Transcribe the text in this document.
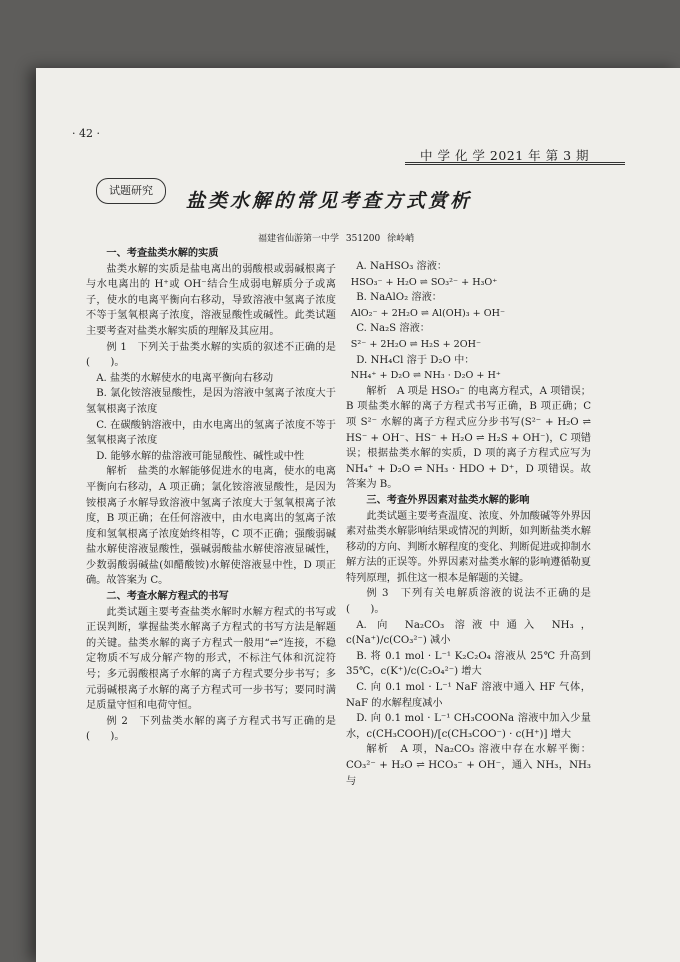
· 42 ·
中 学 化 学 2021 年 第 3 期
试题研究	盐类水解的常见考查方式赏析
福建省仙游第一中学 351200 徐岭峭

一、考查盐类水解的实质

盐类水解的实质是盐电离出的弱酸根或弱碱根离子与水电离出的 H⁺或 OH⁻结合生成弱电解质分子或离子，使水的电离平衡向右移动，导致溶液中氢离子浓度不等于氢氧根离子浓度，溶液显酸性或碱性。此类试题主要考查对盐类水解实质的理解及其应用。

例 1　下列关于盐类水解的实质的叙述不正确的是(　　)。

A. 盐类的水解使水的电离平衡向右移动

B. 氯化铵溶液显酸性，是因为溶液中氢离子浓度大于氢氧根离子浓度

C. 在碳酸钠溶液中，由水电离出的氢离子浓度不等于氢氧根离子浓度

D. 能够水解的盐溶液可能显酸性、碱性或中性

解析　盐类的水解能够促进水的电离，使水的电离平衡向右移动，A 项正确；氯化铵溶液显酸性，是因为铵根离子水解导致溶液中氢离子浓度大于氢氧根离子浓度，B 项正确；在任何溶液中，由水电离出的氢离子浓度和氢氧根离子浓度始终相等，C 项不正确；强酸弱碱盐水解使溶液显酸性，强碱弱酸盐水解使溶液显碱性，少数弱酸弱碱盐(如醋酸铵)水解使溶液显中性，D 项正确。故答案为 C。

二、考查水解方程式的书写

此类试题主要考查盐类水解时水解方程式的书写或正误判断，掌握盐类水解离子方程式的书写方法是解题的关键。盐类水解的离子方程式一般用“⇌”连接，不稳定物质不写成分解产物的形式，不标注气体和沉淀符号；多元弱酸根离子水解的离子方程式要分步书写；多元弱碱根离子水解的离子方程式可一步书写；要同时满足质量守恒和电荷守恒。

例 2　下列盐类水解的离子方程式书写正确的是(　　)。

A. NaHSO₃ 溶液：

HSO₃⁻ + H₂O ⇌ SO₃²⁻ + H₃O⁺

B. NaAlO₂ 溶液：

AlO₂⁻ + 2H₂O ⇌ Al(OH)₃ + OH⁻

C. Na₂S 溶液：

S²⁻ + 2H₂O ⇌ H₂S + 2OH⁻

D. NH₄Cl 溶于 D₂O 中：

NH₄⁺ + D₂O ⇌ NH₃ · D₂O + H⁺

解析　A 项是 HSO₃⁻ 的电离方程式，A 项错误；B 项盐类水解的离子方程式书写正确，B 项正确；C 项 S²⁻ 水解的离子方程式应分步书写(S²⁻ + H₂O ⇌ HS⁻ + OH⁻、HS⁻ + H₂O ⇌ H₂S + OH⁻)，C 项错误；根据盐类水解的实质，D 项的离子方程式应写为 NH₄⁺ + D₂O ⇌ NH₃ · HDO + D⁺，D 项错误。故答案为 B。

三、考查外界因素对盐类水解的影响

此类试题主要考查温度、浓度、外加酸碱等外界因素对盐类水解影响结果或情况的判断，如判断盐类水解移动的方向、判断水解程度的变化、判断促进或抑制水解方法的正误等。外界因素对盐类水解的影响遵循勒夏特列原理，抓住这一根本是解题的关键。

例 3　下列有关电解质溶液的说法不正确的是(　　)。

A. 向 Na₂CO₃ 溶液中通入 NH₃，c(Na⁺)/c(CO₃²⁻) 减小

B. 将 0.1 mol · L⁻¹ K₂C₂O₄ 溶液从 25℃ 升高到 35℃，c(K⁺)/c(C₂O₄²⁻) 增大

C. 向 0.1 mol · L⁻¹ NaF 溶液中通入 HF 气体，NaF 的水解程度减小

D. 向 0.1 mol · L⁻¹ CH₃COONa 溶液中加入少量水，c(CH₃COOH)/[c(CH₃COO⁻) · c(H⁺)] 增大

解析　A 项，Na₂CO₃ 溶液中存在水解平衡：CO₃²⁻ + H₂O ⇌ HCO₃⁻ + OH⁻，通入 NH₃，NH₃ 与
